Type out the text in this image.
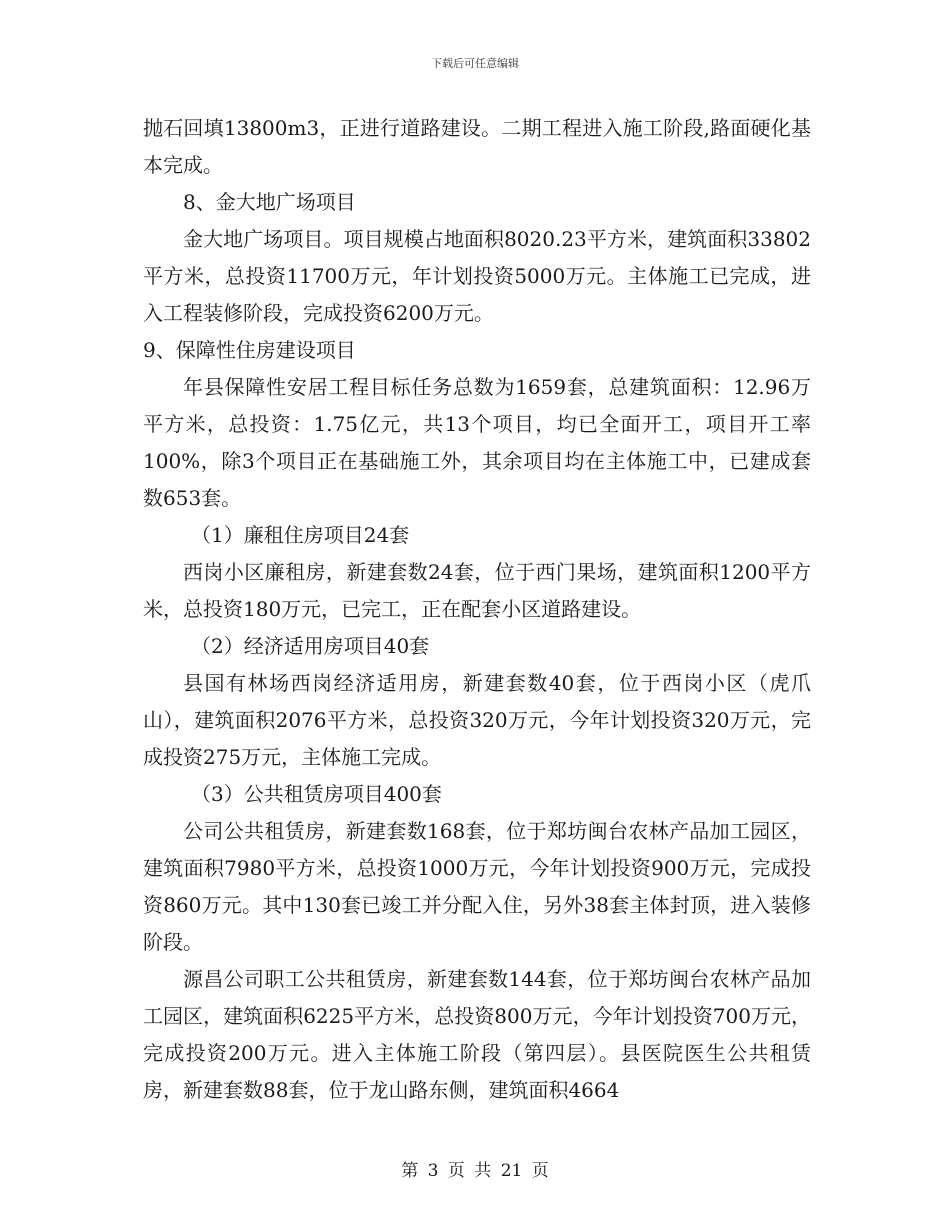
下载后可任意编辑

抛石回填13800m3，正进行道路建设。二期工程进入施工阶段,路面硬化基本完成。

8、金大地广场项目

金大地广场项目。项目规模占地面积8020.23平方米，建筑面积33802平方米，总投资11700万元，年计划投资5000万元。主体施工已完成，进入工程装修阶段，完成投资6200万元。

9、保障性住房建设项目

年县保障性安居工程目标任务总数为1659套，总建筑面积：12.96万平方米，总投资：1.75亿元，共13个项目，均已全面开工，项目开工率100%，除3个项目正在基础施工外，其余项目均在主体施工中，已建成套数653套。

（1）廉租住房项目24套

西岗小区廉租房，新建套数24套，位于西门果场，建筑面积1200平方米，总投资180万元，已完工，正在配套小区道路建设。

（2）经济适用房项目40套

县国有林场西岗经济适用房，新建套数40套，位于西岗小区（虎爪山），建筑面积2076平方米，总投资320万元，今年计划投资320万元，完成投资275万元，主体施工完成。

（3）公共租赁房项目400套

公司公共租赁房，新建套数168套，位于郑坊闽台农林产品加工园区，建筑面积7980平方米，总投资1000万元，今年计划投资900万元，完成投资860万元。其中130套已竣工并分配入住，另外38套主体封顶，进入装修阶段。

源昌公司职工公共租赁房，新建套数144套，位于郑坊闽台农林产品加工园区，建筑面积6225平方米，总投资800万元，今年计划投资700万元，完成投资200万元。进入主体施工阶段（第四层）。县医院医生公共租赁房，新建套数88套，位于龙山路东侧，建筑面积4664

第 3 页 共 21 页
